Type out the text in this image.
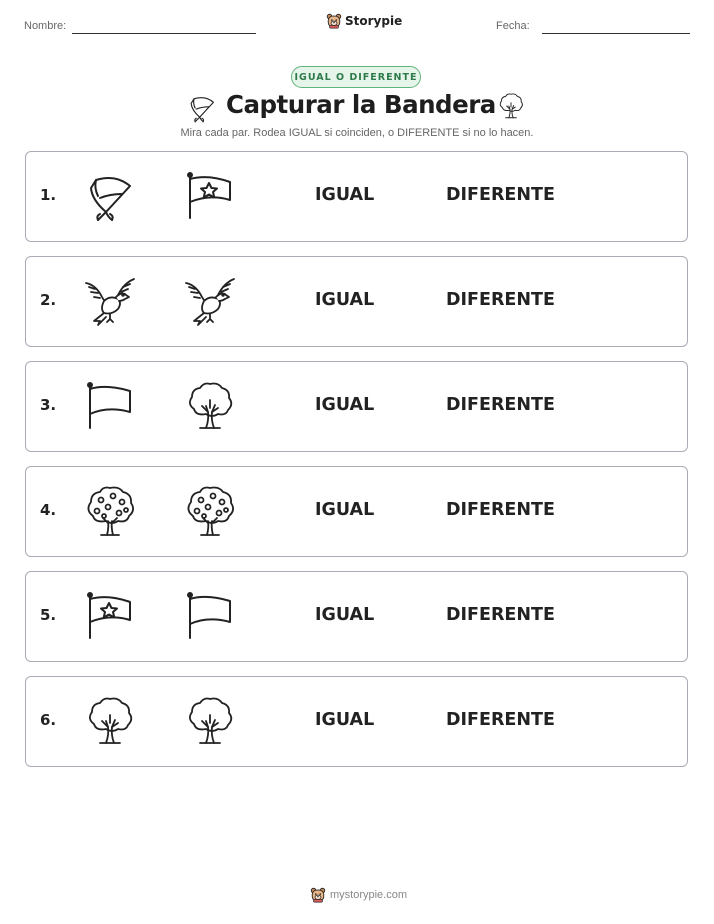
Nombre:	Storypie	Fecha:
IGUAL O DIFERENTE
Capturar la Bandera
Mira cada par. Rodea IGUAL si coinciden, o DIFERENTE si no lo hacen.
1.	IGUAL	DIFERENTE
2.	IGUAL	DIFERENTE
3.	IGUAL	DIFERENTE
4.	IGUAL	DIFERENTE
5.	IGUAL	DIFERENTE
6.	IGUAL	DIFERENTE
mystorypie.com
